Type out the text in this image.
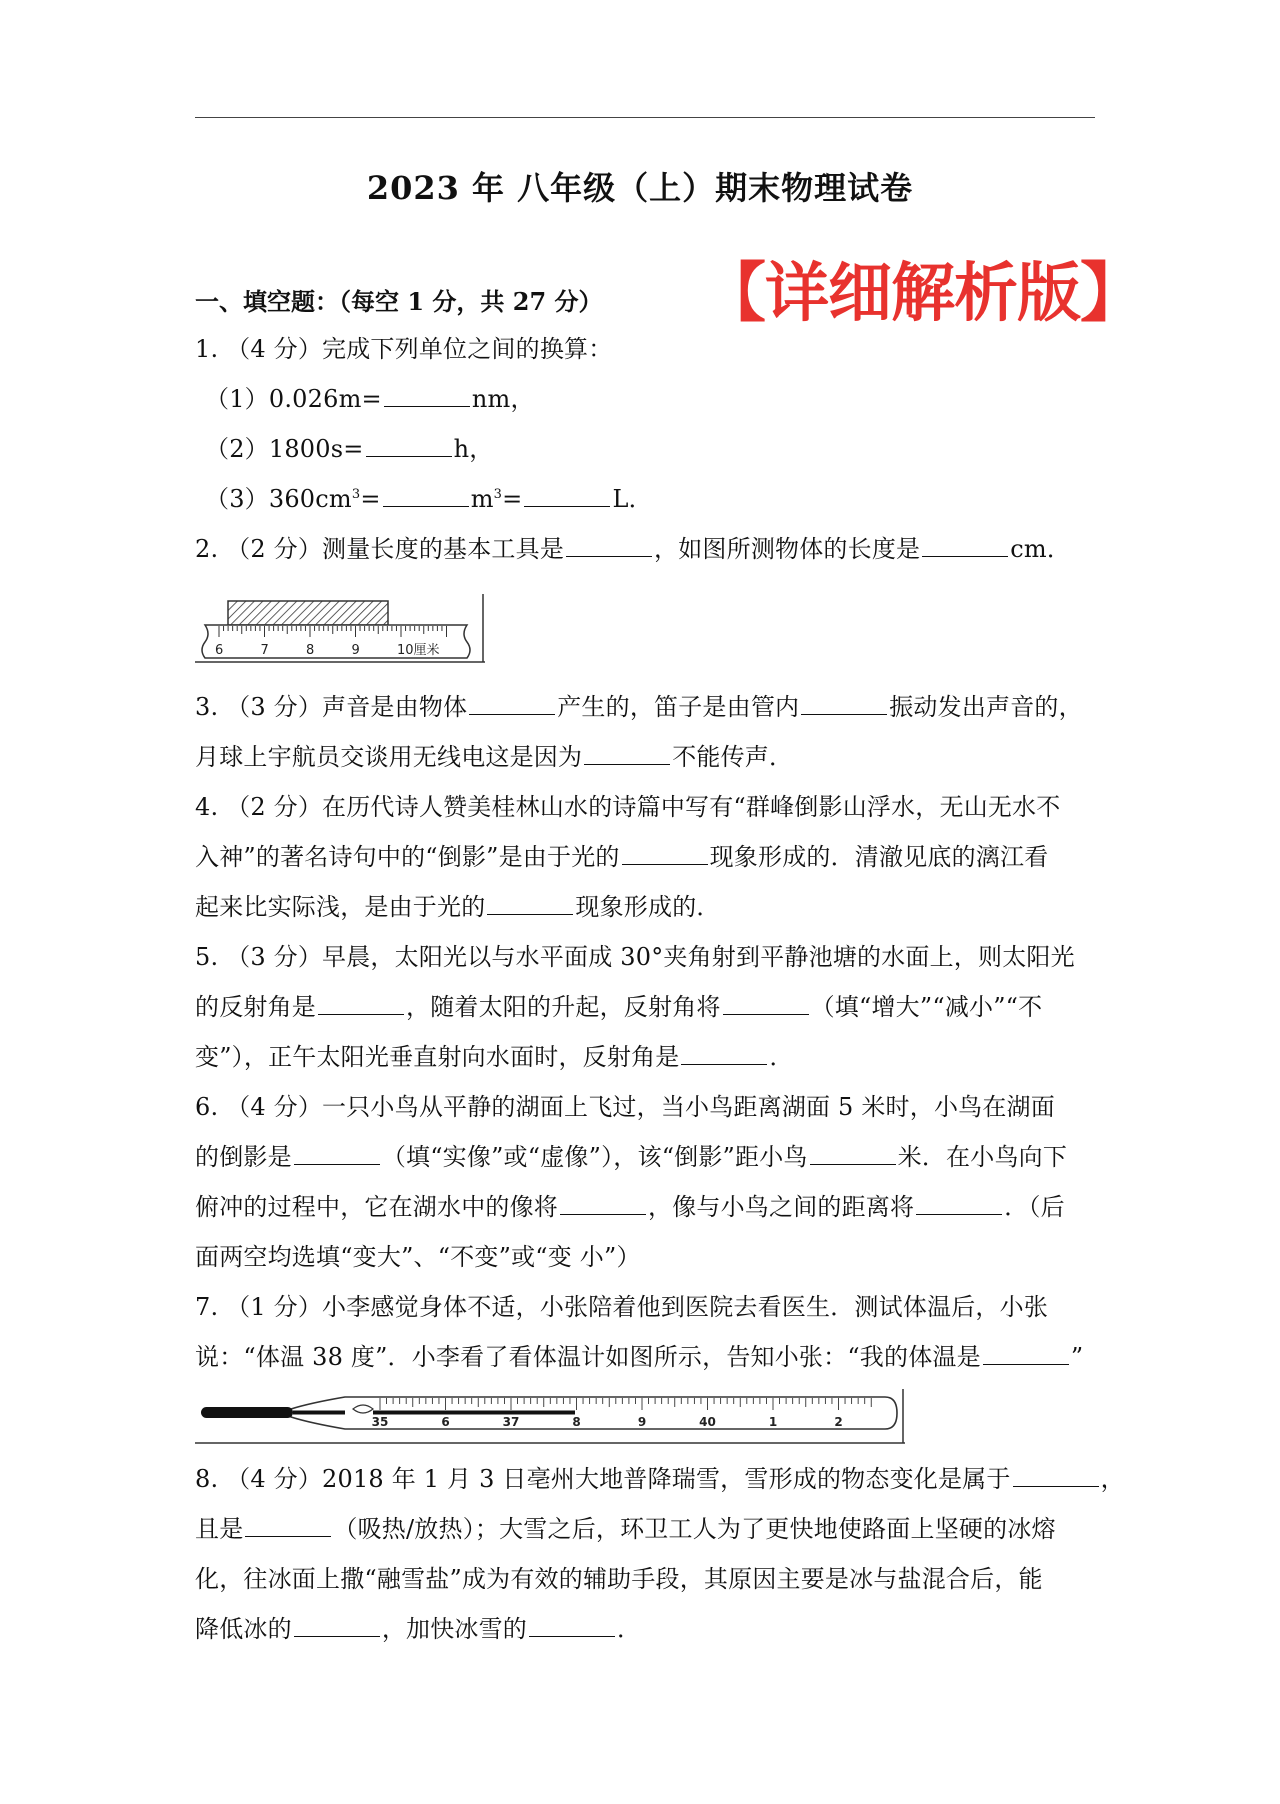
2023 年 八年级（上）期末物理试卷
【详细解析版】
一、填空题：（每空 1 分，共 27 分）
1. （4 分）完成下列单位之间的换算：
（1）0.026m=	nm，
（2）1800s=	h，
$(3)360cm^3=$	$m^3=$	L．
2. （2 分）测量长度的基本工具是	，如图所测物体的长度是	cm．
6	7	8	9	10厘米
3. （3 分）声音是由物体	产生的，笛子是由管内	振动发出声音的，
月球上宇航员交谈用无线电这是因为	不能传声．
4. （2 分）在历代诗人赞美桂林山水的诗篇中写有“群峰倒影山浮水，无山无水不
入神”的著名诗句中的“倒影”是由于光的	现象形成的．清澈见底的漓江看
起来比实际浅，是由于光的	现象形成的．
5. （3 分）早晨，太阳光以与水平面成 30°夹角射到平静池塘的水面上，则太阳光
的反射角是	，随着太阳的升起，反射角将	（填“增大”“减小”“不
变”），正午太阳光垂直射向水面时，反射角是	．
6. （4 分）一只小鸟从平静的湖面上飞过，当小鸟距离湖面 5 米时，小鸟在湖面
的倒影是	（填“实像”或“虚像”），该“倒影”距小鸟	米．在小鸟向下
俯冲的过程中，它在湖水中的像将	，像与小鸟之间的距离将	．（后
面两空均选填“变大”、“不变”或“变 小”）
7. （1 分）小李感觉身体不适，小张陪着他到医院去看医生．测试体温后，小张
说：“体温 38 度”．小李看了看体温计如图所示，告知小张：“我的体温是	”
35	6	37	8	9	40	1	2
8. （4 分）2018 年 1 月 3 日亳州大地普降瑞雪，雪形成的物态变化是属于	，
且是	（吸热/放热）；大雪之后，环卫工人为了更快地使路面上坚硬的冰熔
化，往冰面上撒“融雪盐”成为有效的辅助手段，其原因主要是冰与盐混合后，能
降低冰的	，加快冰雪的	．
